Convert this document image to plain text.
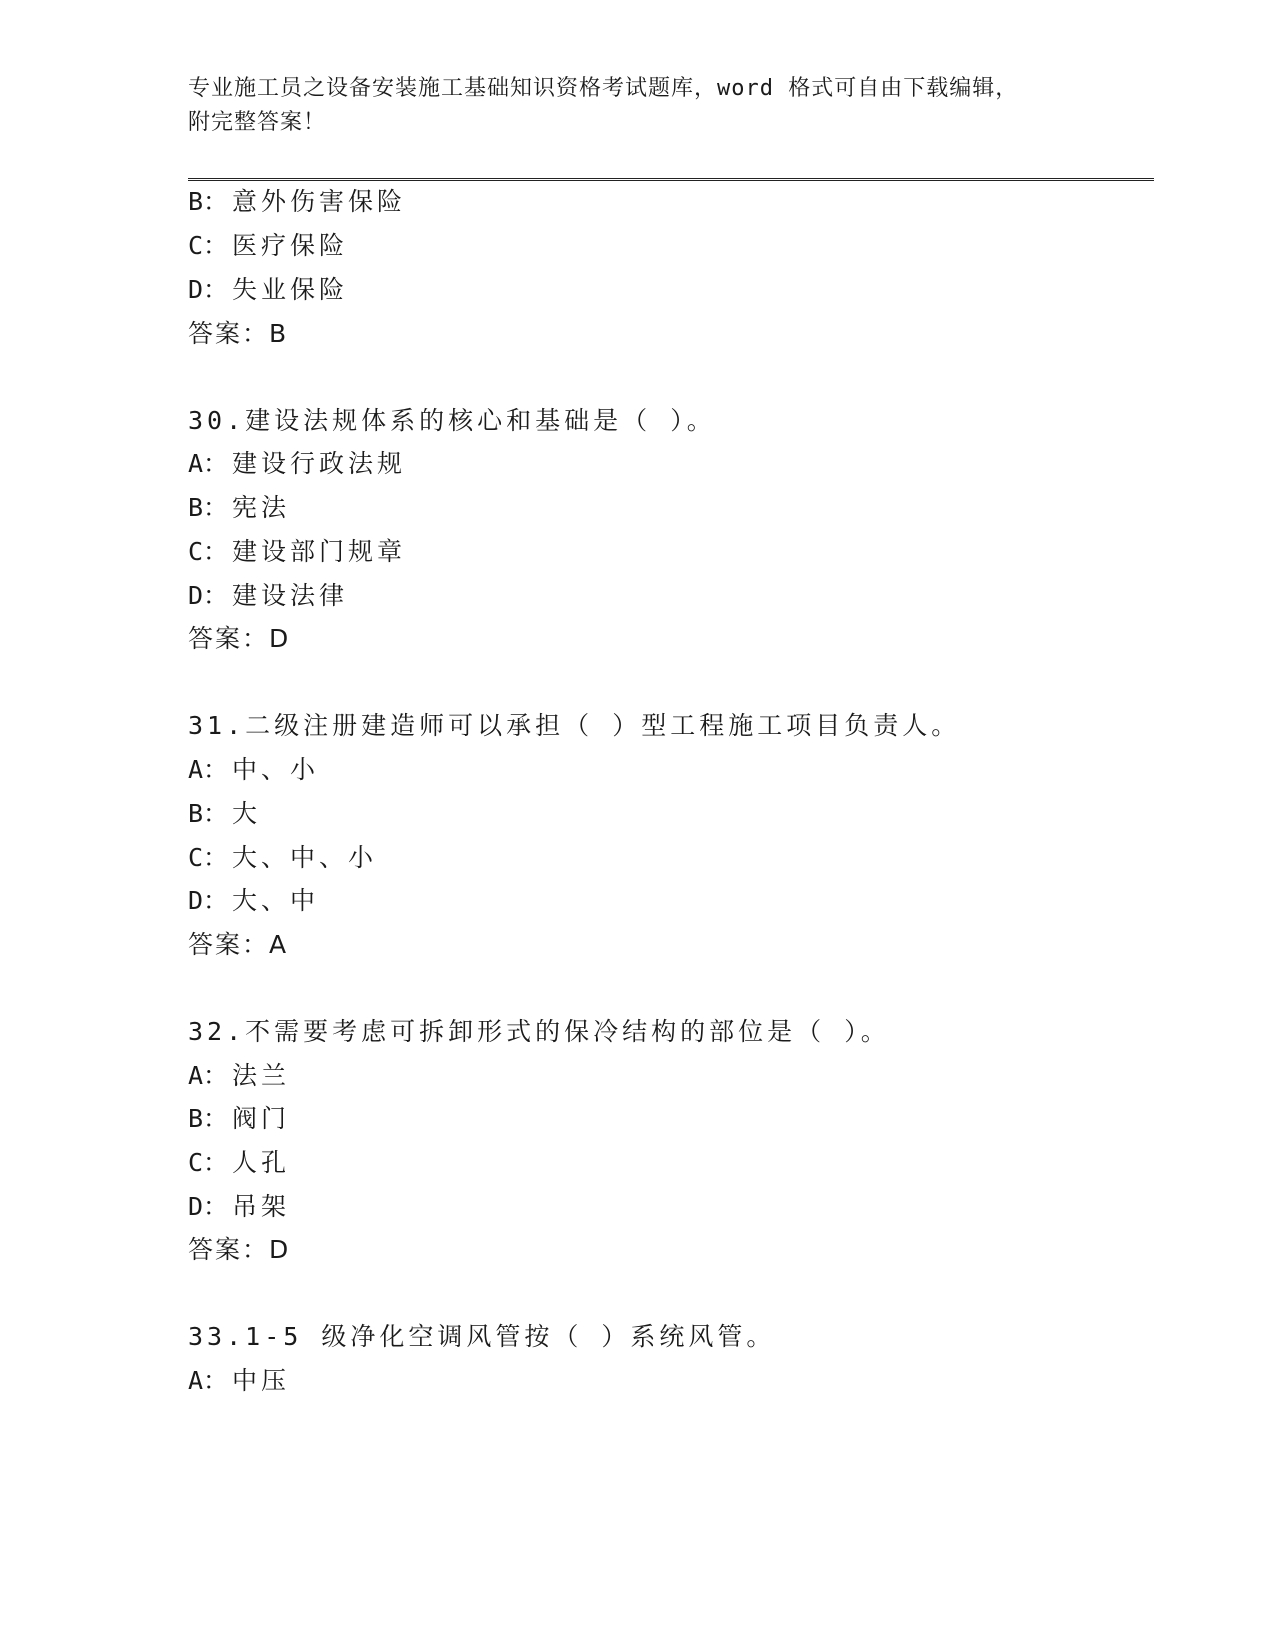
专业施工员之设备安装施工基础知识资格考试题库，word 格式可自由下载编辑，
附完整答案！
B： 意外伤害保险
C： 医疗保险
D： 失业保险
答案：B
30.建设法规体系的核心和基础是（ ）。
A： 建设行政法规
B： 宪法
C： 建设部门规章
D： 建设法律
答案：D
31.二级注册建造师可以承担（ ）型工程施工项目负责人。
A： 中、小
B： 大
C： 大、中、小
D： 大、中
答案：A
32.不需要考虑可拆卸形式的保冷结构的部位是（ ）。
A： 法兰
B： 阀门
C： 人孔
D： 吊架
答案：D
33.1-5 级净化空调风管按（ ）系统风管。
A： 中压
